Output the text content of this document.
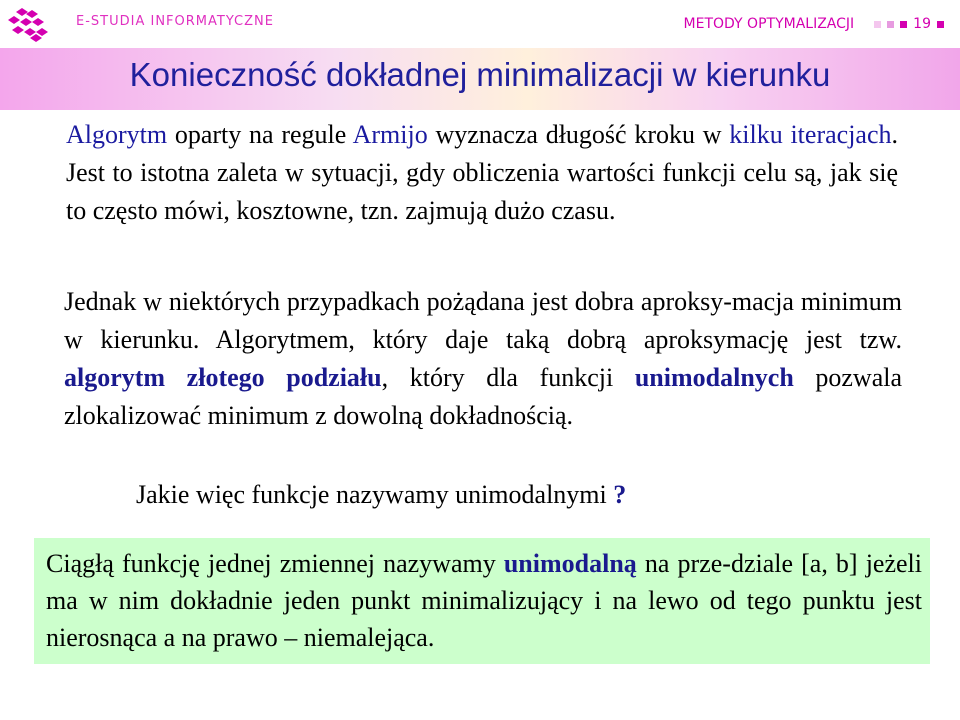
E-STUDIA INFORMATYCZNE	METODY OPTYMALIZACJI	19
Konieczność dokładnej minimalizacji w kierunku
Algorytm oparty na regule Armijo wyznacza długość kroku w kilku iteracjach. Jest to istotna zaleta w sytuacji, gdy obliczenia wartości funkcji celu są, jak się to często mówi, kosztowne, tzn. zajmują dużo czasu.
Jednak w niektórych przypadkach pożądana jest dobra aproksy-macja minimum w kierunku. Algorytmem, który daje taką dobrą aproksymację jest tzw. algorytm złotego podziału, który dla funkcji unimodalnych pozwala zlokalizować minimum z dowolną dokładnością.
Jakie więc funkcje nazywamy unimodalnymi ?
Ciągłą funkcję jednej zmiennej nazywamy unimodalną na prze-dziale [a, b] jeżeli ma w nim dokładnie jeden punkt minimalizujący i na lewo od tego punktu jest nierosnąca a na prawo – niemalejąca.
